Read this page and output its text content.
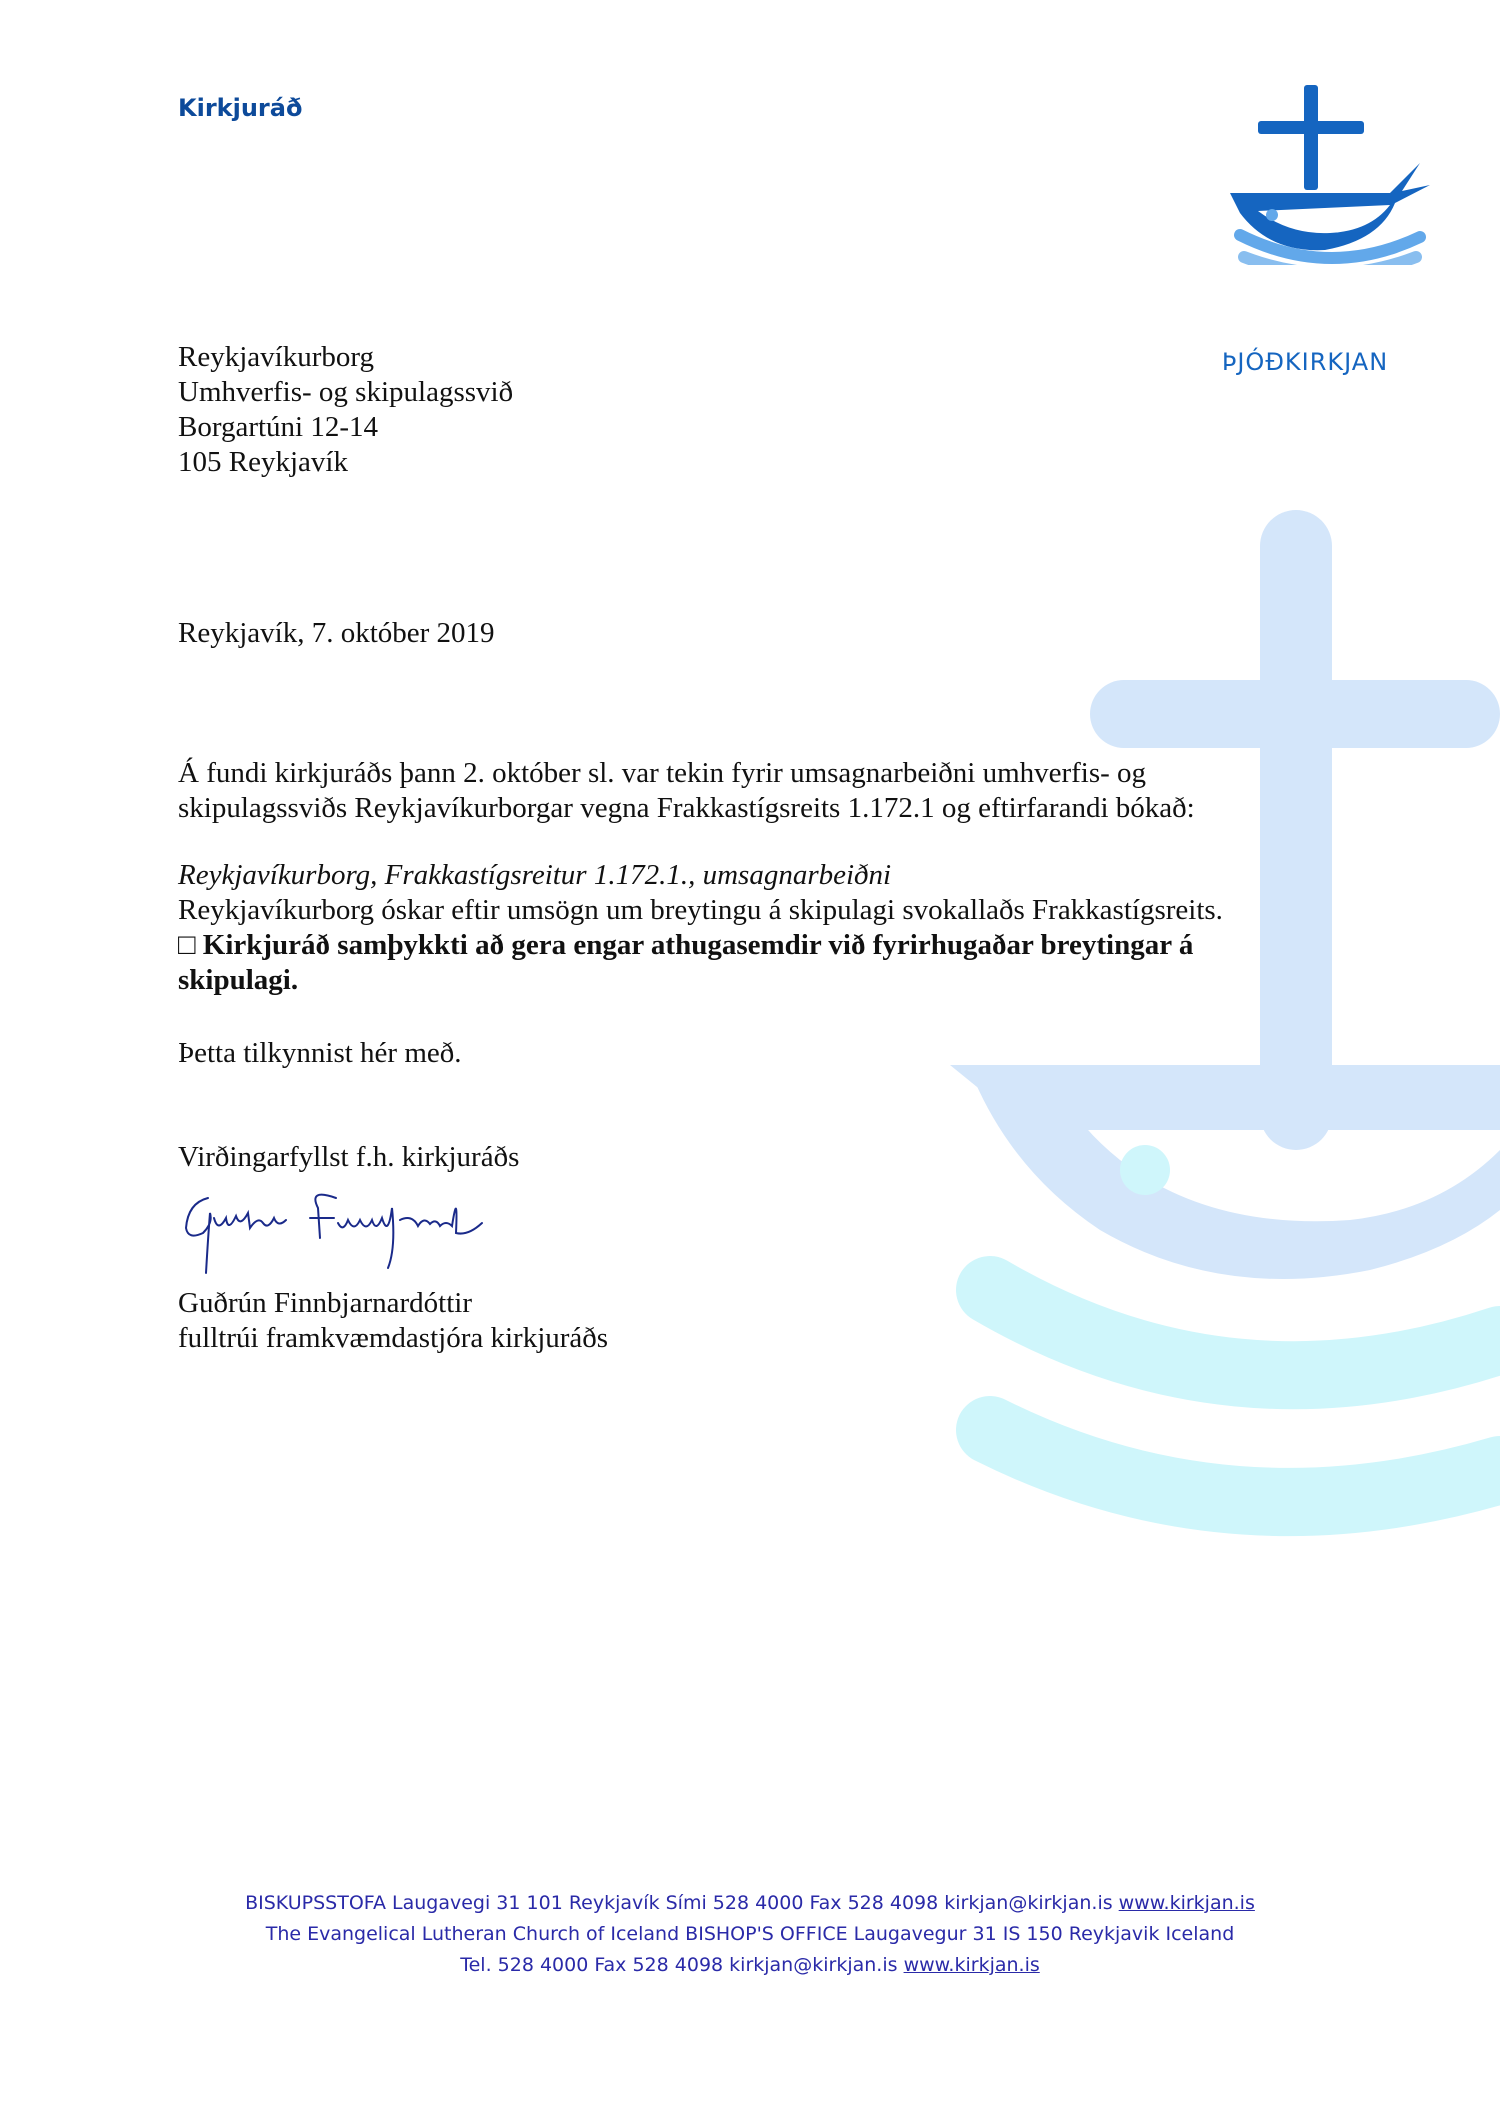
Kirkjuráð
ÞJÓÐKIRKJAN
Reykjavíkurborg
Umhverfis- og skipulagssvið
Borgartúni 12-14
105 Reykjavík
Reykjavík, 7. október 2019
Á fundi kirkjuráðs þann 2. október sl. var tekin fyrir umsagnarbeiðni umhverfis- og skipulagssviðs Reykjavíkurborgar vegna Frakkastígsreits 1.172.1 og eftirfarandi bókað:
Reykjavíkurborg, Frakkastígsreitur 1.172.1., umsagnarbeiðni
Reykjavíkurborg óskar eftir umsögn um breytingu á skipulagi svokallaðs Frakkastígsreits.
□ Kirkjuráð samþykkti að gera engar athugasemdir við fyrirhugaðar breytingar á skipulagi.
Þetta tilkynnist hér með.
Virðingarfyllst f.h. kirkjuráðs
Guðrún Finnbjarnardóttir
fulltrúi framkvæmdastjóra kirkjuráðs
BISKUPSSTOFA Laugavegi 31 101 Reykjavík Sími 528 4000 Fax 528 4098 kirkjan@kirkjan.is www.kirkjan.is
The Evangelical Lutheran Church of Iceland BISHOP'S OFFICE Laugavegur 31 IS 150 Reykjavik Iceland
Tel. 528 4000 Fax 528 4098 kirkjan@kirkjan.is www.kirkjan.is
